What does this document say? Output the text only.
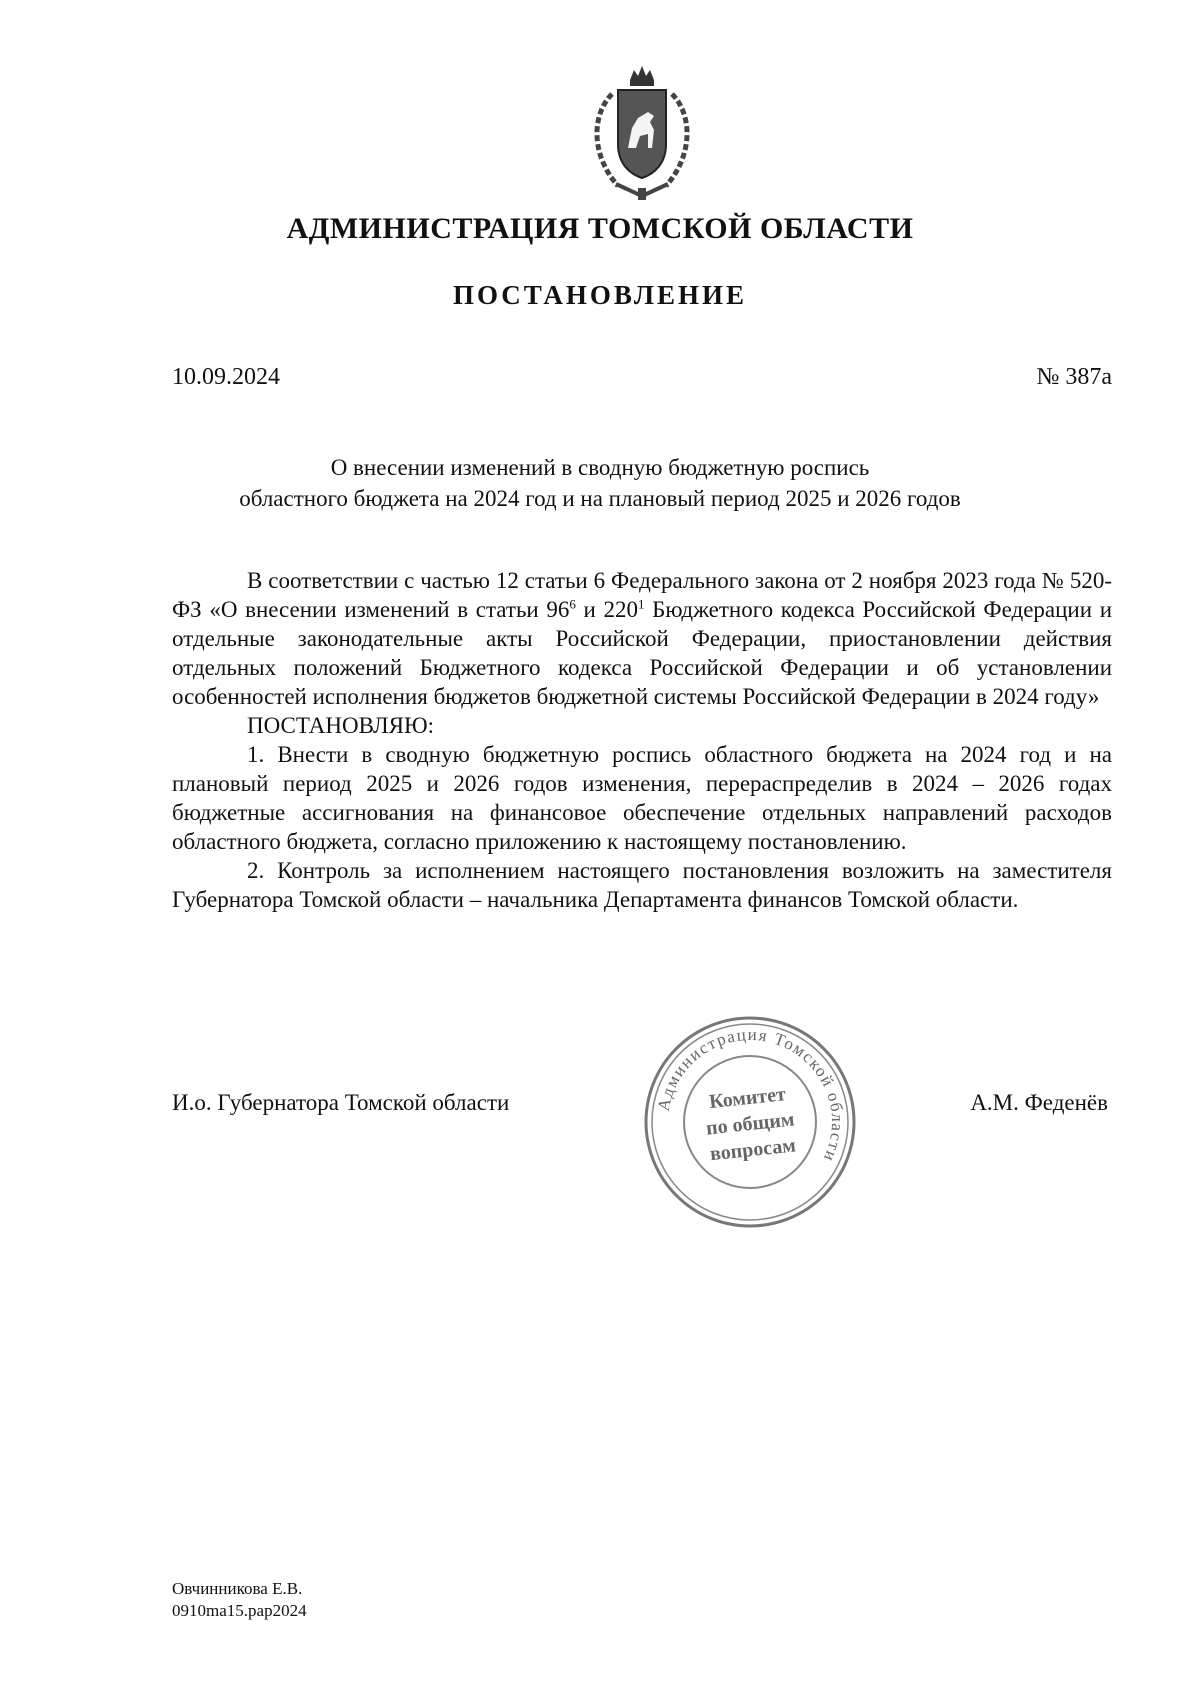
АДМИНИСТРАЦИЯ ТОМСКОЙ ОБЛАСТИ
ПОСТАНОВЛЕНИЕ
10.09.2024	№ 387а
О внесении изменений в сводную бюджетную роспись
областного бюджета на 2024 год и на плановый период 2025 и 2026 годов

В соответствии с частью 12 статьи 6 Федерального закона от 2 ноября 2023 года № 520-ФЗ «О внесении изменений в статьи $96^6$ и $220^1$ Бюджетного кодекса Российской Федерации и отдельные законодательные акты Российской Федерации, приостановлении действия отдельных положений Бюджетного кодекса Российской Федерации и об установлении особенностей исполнения бюджетов бюджетной системы Российской Федерации в 2024 году»

ПОСТАНОВЛЯЮ:

1. Внести в сводную бюджетную роспись областного бюджета на 2024 год и на плановый период 2025 и 2026 годов изменения, перераспределив в 2024 – 2026 годах бюджетные ассигнования на финансовое обеспечение отдельных направлений расходов областного бюджета, согласно приложению к настоящему постановлению.

2. Контроль за исполнением настоящего постановления возложить на заместителя Губернатора Томской области – начальника Департамента финансов Томской области.

И.о. Губернатора Томской области	А.М. Феденёв
Администрация Томской области
Комитет
по общим
вопросам
Овчинникова Е.В.
0910ma15.pap2024
